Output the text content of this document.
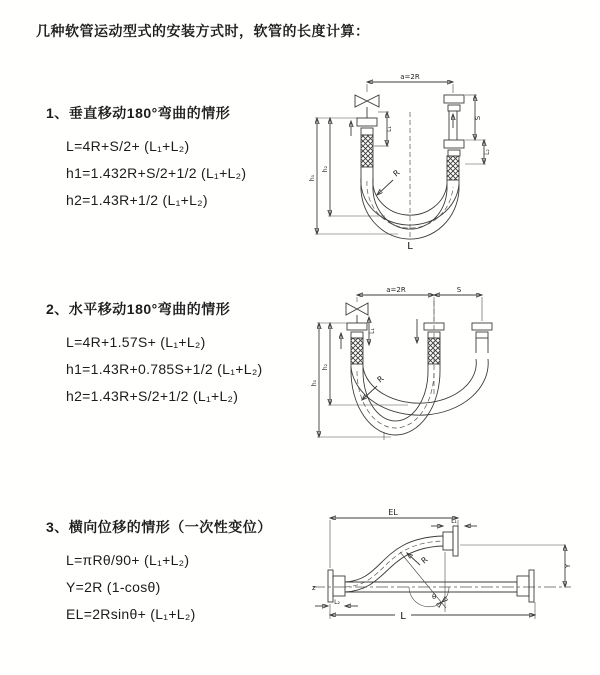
几种软管运动型式的安装方式时，软管的长度计算：
1、垂直移动180°弯曲的情形
L=4R+S/2+ (L₁+L₂)
h1=1.432R+S/2+1/2 (L₁+L₂)
h2=1.43R+1/2 (L₁+L₂)
2、水平移动180°弯曲的情形
L=4R+1.57S+ (L₁+L₂)
h1=1.43R+0.785S+1/2 (L₁+L₂)
h2=1.43R+S/2+1/2 (L₁+L₂)
3、横向位移的情形（一次性变位）
L=πRθ/90+ (L₁+L₂)
Y=2R (1-cosθ)
EL=2Rsinθ+ (L₁+L₂)
a=2R
L₁
S
L₂
h₁
h₂	R
L
a=2R	S
L₁
h₁
h₂
R
EL
L₁
z
Y
θ
R
L
L₂
